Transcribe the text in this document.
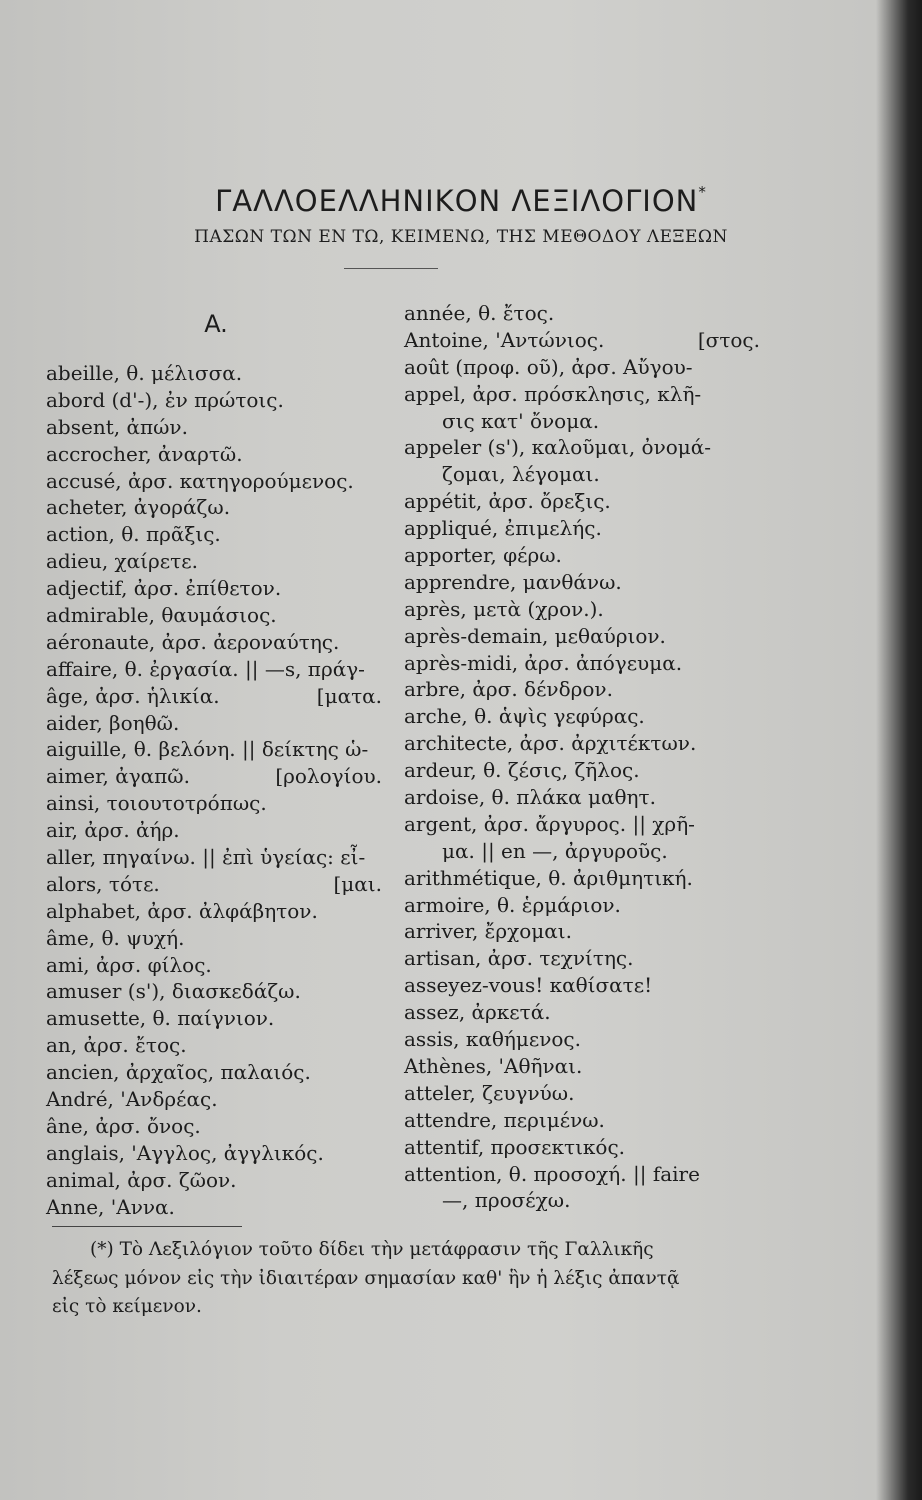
ΓΑΛΛΟΕΛΛΗΝΙΚΟΝ ΛΕΞΙΛΟΓΙΟΝ*
ΠΑΣΩΝ ΤΩΝ ΕΝ ΤΩ, ΚΕΙΜΕΝΩ, ΤΗΣ ΜΕΘΟΔΟΥ ΛΕΞΕΩΝ
A.
abeille, θ. μέλισσα.
abord (d'-), ἐν πρώτοις.
absent, ἀπών.
accrocher, ἀναρτῶ.
accusé, ἀρσ. κατηγορούμενος.
acheter, ἀγοράζω.
action, θ. πρᾶξις.
adieu, χαίρετε.
adjectif, ἀρσ. ἐπίθετον.
admirable, θαυμάσιος.
aéronaute, ἀρσ. ἀεροναύτης.
affaire, θ. ἐργασία. || —s, πράγ-
âge, ἀρσ. ἡλικία.	[ματα.
aider, βοηθῶ.
aiguille, θ. βελόνη. || δείκτης ὡ-
aimer, ἀγαπῶ.	[ρολογίου.
ainsi, τοιουτοτρόπως.
air, ἀρσ. ἀήρ.
aller, πηγαίνω. || ἐπὶ ὑγείας: εἶ-
alors, τότε.	[μαι.
alphabet, ἀρσ. ἀλφάβητον.
âme, θ. ψυχή.
ami, ἀρσ. φίλος.
amuser (s'), διασκεδάζω.
amusette, θ. παίγνιον.
an, ἀρσ. ἔτος.
ancien, ἀρχαῖος, παλαιός.
André, 'Ανδρέας.
âne, ἀρσ. ὄνος.
anglais, 'Αγγλος, ἀγγλικός.
animal, ἀρσ. ζῶον.
Anne, 'Αννα.
année, θ. ἔτος.
Antoine, 'Αντώνιος.	[στος.
août (προφ. οῦ), ἀρσ. Αὔγου-
appel, ἀρσ. πρόσκλησις, κλῆ-
σις κατ' ὄνομα.
appeler (s'), καλοῦμαι, ὀνομά-
ζομαι, λέγομαι.
appétit, ἀρσ. ὄρεξις.
appliqué, ἐπιμελής.
apporter, φέρω.
apprendre, μανθάνω.
après, μετὰ (χρον.).
après-demain, μεθαύριον.
après-midi, ἀρσ. ἀπόγευμα.
arbre, ἀρσ. δένδρον.
arche, θ. ἁψὶς γεφύρας.
architecte, ἀρσ. ἀρχιτέκτων.
ardeur, θ. ζέσις, ζῆλος.
ardoise, θ. πλάκα μαθητ.
argent, ἀρσ. ἄργυρος. || χρῆ-
μα. || en —, ἀργυροῦς.
arithmétique, θ. ἀριθμητική.
armoire, θ. ἑρμάριον.
arriver, ἔρχομαι.
artisan, ἀρσ. τεχνίτης.
asseyez-vous! καθίσατε!
assez, ἀρκετά.
assis, καθήμενος.
Athènes, 'Αθῆναι.
atteler, ζευγνύω.
attendre, περιμένω.
attentif, προσεκτικός.
attention, θ. προσοχή. || faire
—, προσέχω.
(*) Τὸ Λεξιλόγιον τοῦτο δίδει τὴν μετάφρασιν τῆς Γαλλικῆς
λέξεως μόνον εἰς τὴν ἰδιαιτέραν σημασίαν καθ' ἣν ἡ λέξις ἀπαντᾷ
εἰς τὸ κείμενον.
